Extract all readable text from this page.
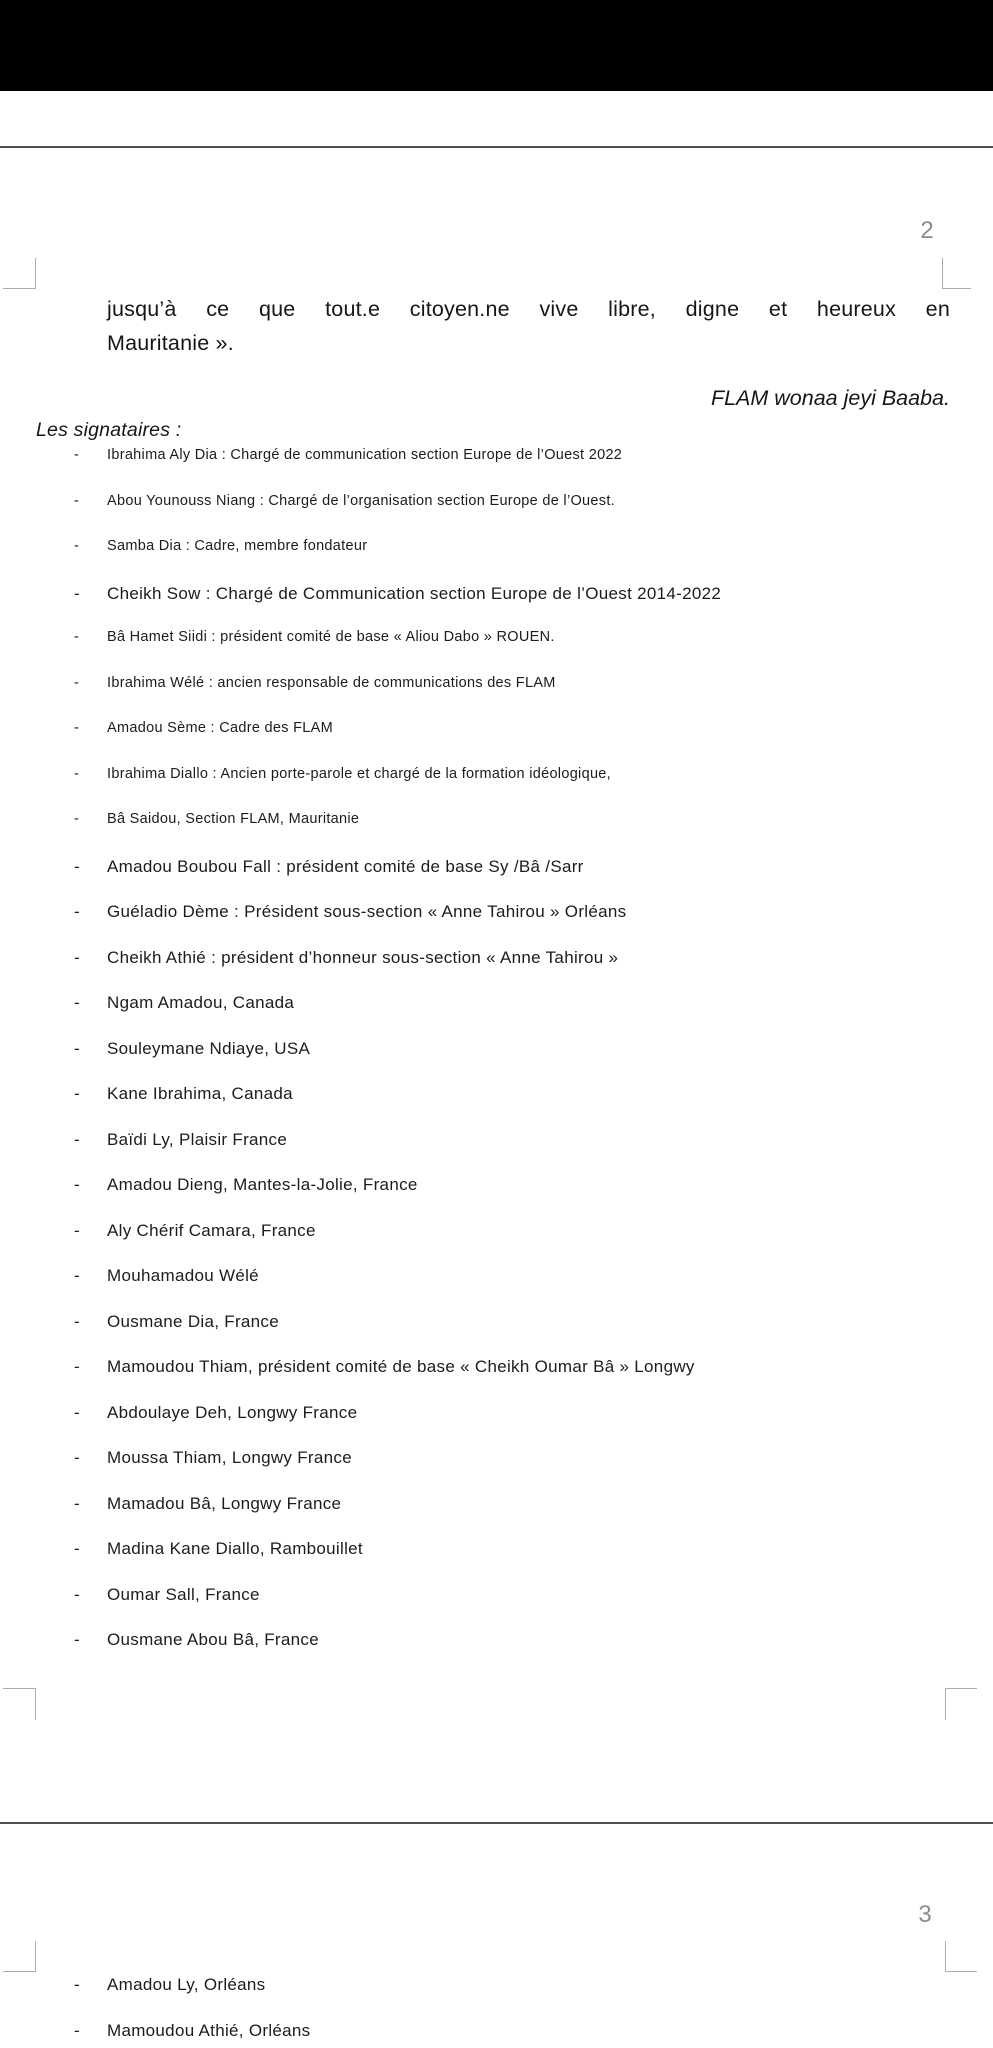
2
jusqu’à ce que tout.e citoyen.ne vive libre, digne et heureux en
Mauritanie ».
FLAM wonaa jeyi Baaba.
Les signataires :
-	Ibrahima Aly Dia : Chargé de communication section Europe de l’Ouest 2022
-	Abou Younouss Niang : Chargé de l’organisation section Europe de l’Ouest.
-	Samba Dia : Cadre, membre fondateur
-	Cheikh Sow : Chargé de Communication section Europe de l’Ouest 2014-2022
-	Bâ Hamet Siidi : président comité de base « Aliou Dabo » ROUEN.
-	Ibrahima Wélé : ancien responsable de communications des FLAM
-	Amadou Sème : Cadre des FLAM
-	Ibrahima Diallo : Ancien porte-parole et chargé de la formation idéologique,
-	Bâ Saidou, Section FLAM, Mauritanie
-	Amadou Boubou Fall : président comité de base Sy /Bâ /Sarr
-	Guéladio Dème : Président sous-section « Anne Tahirou » Orléans
-	Cheikh Athié : président d’honneur sous-section « Anne Tahirou »
-	Ngam Amadou, Canada
-	Souleymane Ndiaye, USA
-	Kane Ibrahima, Canada
-	Baïdi Ly, Plaisir France
-	Amadou Dieng, Mantes-la-Jolie, France
-	Aly Chérif Camara, France
-	Mouhamadou Wélé
-	Ousmane Dia, France
-	Mamoudou Thiam, président comité de base « Cheikh Oumar Bâ » Longwy
-	Abdoulaye Deh, Longwy France
-	Moussa Thiam, Longwy France
-	Mamadou Bâ, Longwy France
-	Madina Kane Diallo, Rambouillet
-	Oumar Sall, France
-	Ousmane Abou Bâ, France
3
-	Amadou Ly, Orléans
-	Mamoudou Athié, Orléans
